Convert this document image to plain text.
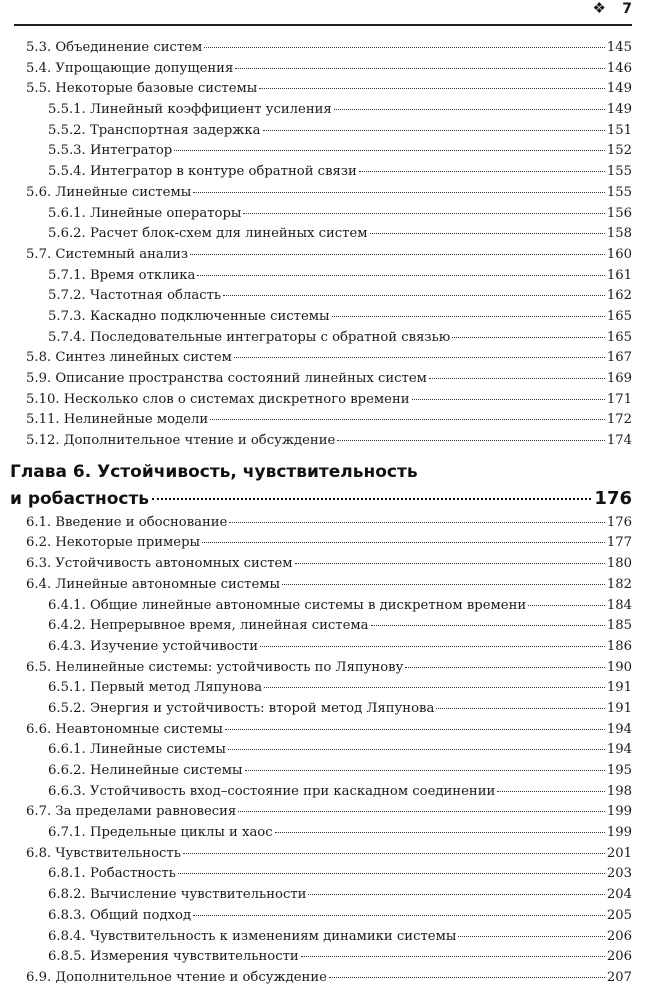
❖ 7
5.3. Объединение систем	145
5.4. Упрощающие допущения	146
5.5. Некоторые базовые системы	149
5.5.1. Линейный коэффициент усиления	149
5.5.2. Транспортная задержка	151
5.5.3. Интегратор	152
5.5.4. Интегратор в контуре обратной связи	155
5.6. Линейные системы	155
5.6.1. Линейные операторы	156
5.6.2. Расчет блок-схем для линейных систем	158
5.7. Системный анализ	160
5.7.1. Время отклика	161
5.7.2. Частотная область	162
5.7.3. Каскадно подключенные системы	165
5.7.4. Последовательные интеграторы с обратной связью	165
5.8. Синтез линейных систем	167
5.9. Описание пространства состояний линейных систем	169
5.10. Несколько слов о системах дискретного времени	171
5.11. Нелинейные модели	172
5.12. Дополнительное чтение и обсуждение	174
Глава 6. Устойчивость, чувствительность
и робастность	176
6.1. Введение и обоснование	176
6.2. Некоторые примеры	177
6.3. Устойчивость автономных систем	180
6.4. Линейные автономные системы	182
6.4.1. Общие линейные автономные системы в дискретном времени	184
6.4.2. Непрерывное время, линейная система	185
6.4.3. Изучение устойчивости	186
6.5. Нелинейные системы: устойчивость по Ляпунову	190
6.5.1. Первый метод Ляпунова	191
6.5.2. Энергия и устойчивость: второй метод Ляпунова	191
6.6. Неавтономные системы	194
6.6.1. Линейные системы	194
6.6.2. Нелинейные системы	195
6.6.3. Устойчивость вход–состояние при каскадном соединении	198
6.7. За пределами равновесия	199
6.7.1. Предельные циклы и хаос	199
6.8. Чувствительность	201
6.8.1. Робастность	203
6.8.2. Вычисление чувствительности	204
6.8.3. Общий подход	205
6.8.4. Чувствительность к изменениям динамики системы	206
6.8.5. Измерения чувствительности	206
6.9. Дополнительное чтение и обсуждение	207
